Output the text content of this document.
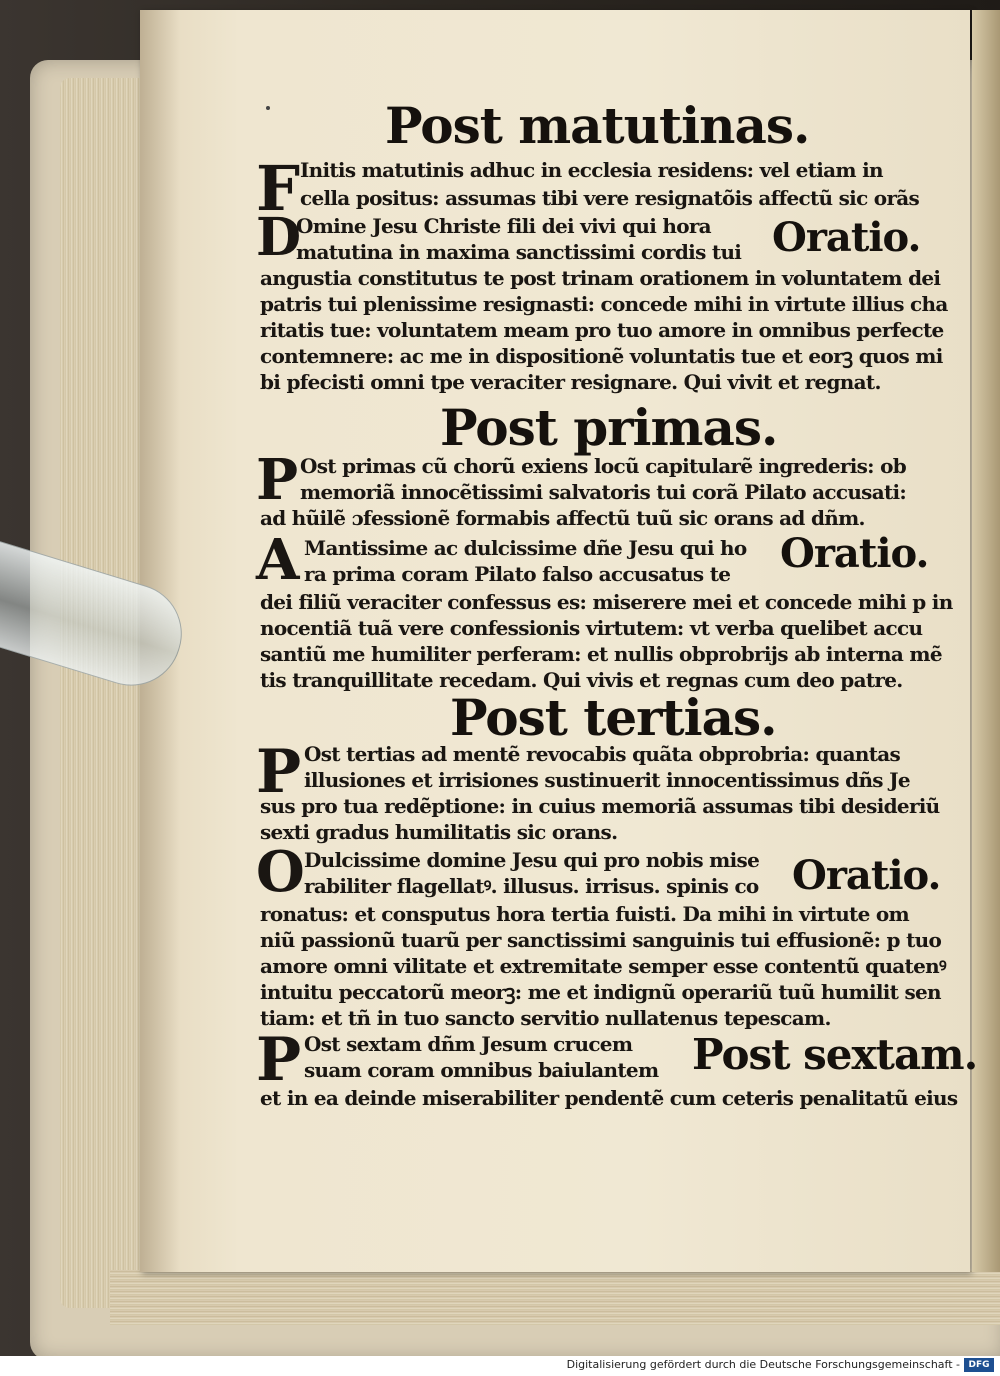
Post matutinas.
F Initis matutinis adhuc in ecclesia residens: vel etiam in
cella positus: assumas tibi vere resignatõis affectũ sic orãs
D
Omine Jesu Christe fili dei vivi qui hora
matutina in maxima sanctissimi cordis tui Oratio.
angustia constitutus te post trinam orationem in voluntatem dei
patris tui plenissime resignasti: concede mihi in virtute illius cha
ritatis tue: voluntatem meam pro tuo amore in omnibus perfecte
contemnere: ac me in dispositionẽ voluntatis tue et eorꝫ quos mi
bi pfecisti omni tpe veraciter resignare. Qui vivit et regnat.
Post primas.
P Ost primas cũ chorũ exiens locũ capitularẽ ingrederis: ob
memoriã innocẽtissimi salvatoris tui corã Pilato accusati:
ad hũilẽ ɔfessionẽ formabis affectũ tuũ sic orans ad dñm.
A Mantissime ac dulcissime dñe Jesu qui ho
ra prima coram Pilato falso accusatus te Oratio.
dei filiũ veraciter confessus es: miserere mei et concede mihi p in
nocentiã tuã vere confessionis virtutem: vt verba quelibet accu
santiũ me humiliter perferam: et nullis obprobrijs ab interna mẽ
tis tranquillitate recedam. Qui vivis et regnas cum deo patre.
Post tertias.
P Ost tertias ad mentẽ revocabis quãta obprobria: quantas
illusiones et irrisiones sustinuerit innocentissimus dñs Je
sus pro tua redẽptione: in cuius memoriã assumas tibi desideriũ
sexti gradus humilitatis sic orans.
O Dulcissime domine Jesu qui pro nobis mise
rabiliter flagellatꝰ. illusus. irrisus. spinis co Oratio.
ronatus: et consputus hora tertia fuisti. Da mihi in virtute om
niũ passionũ tuarũ per sanctissimi sanguinis tui effusionẽ: p tuo
amore omni vilitate et extremitate semper esse contentũ quatenꝰ
intuitu peccatorũ meorꝫ: me et indignũ operariũ tuũ humilit sen
tiam: et tñ in tuo sancto servitio nullatenus tepescam.
P Ost sextam dñm Jesum crucem
suam coram omnibus baiulantem Post sextam.
et in ea deinde miserabiliter pendentẽ cum ceteris penalitatũ eius
Digitalisierung gefördert durch die Deutsche Forschungsgemeinschaft - DFG
